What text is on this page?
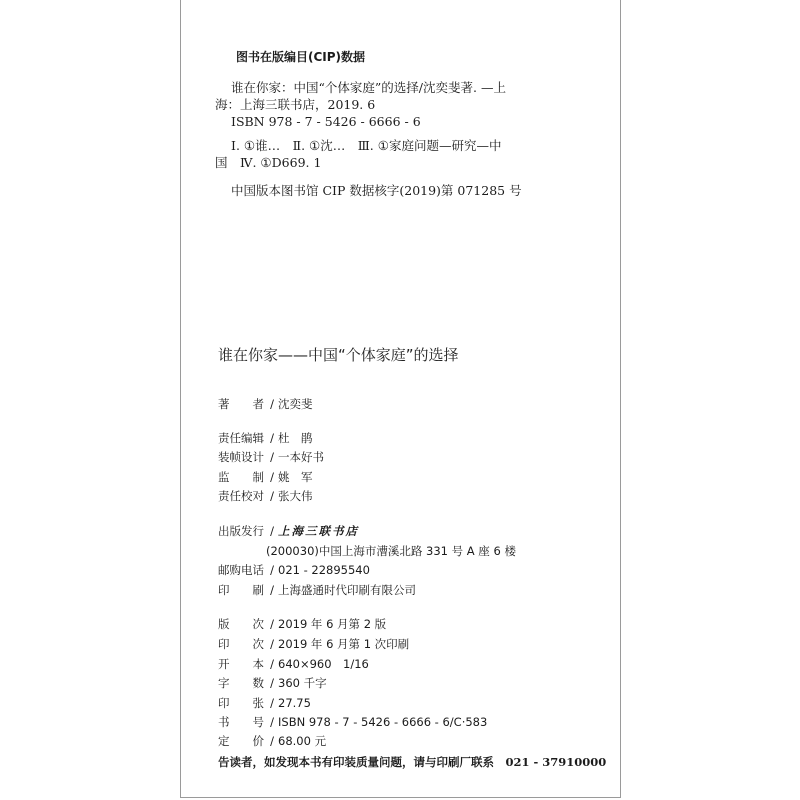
图书在版编目(CIP)数据
谁在你家：中国“个体家庭”的选择/沈奕斐著. —上
海：上海三联书店，2019. 6
ISBN 978 - 7 - 5426 - 6666 - 6
Ⅰ. ①谁…　Ⅱ. ①沈…　Ⅲ. ①家庭问题—研究—中
国　Ⅳ. ①D669. 1
中国版本图书馆 CIP 数据核字(2019)第 071285 号
谁在你家——中国“个体家庭”的选择
著　　者 / 沈奕斐
责任编辑 / 杜　鹃
装帧设计 / 一本好书
监　　制 / 姚　军
责任校对 / 张大伟
出版发行 / 上海三联书店
(200030)中国上海市漕溪北路 331 号 A 座 6 楼
邮购电话 / 021 - 22895540
印　　刷 / 上海盛通时代印刷有限公司
版　　次 / 2019 年 6 月第 2 版
印　　次 / 2019 年 6 月第 1 次印刷
开　　本 / 640×960　1/16
字　　数 / 360 千字
印　　张 / 27.75
书　　号 / ISBN 978 - 7 - 5426 - 6666 - 6/C·583
定　　价 / 68.00 元
告读者，如发现本书有印装质量问题，请与印刷厂联系　021 - 37910000
